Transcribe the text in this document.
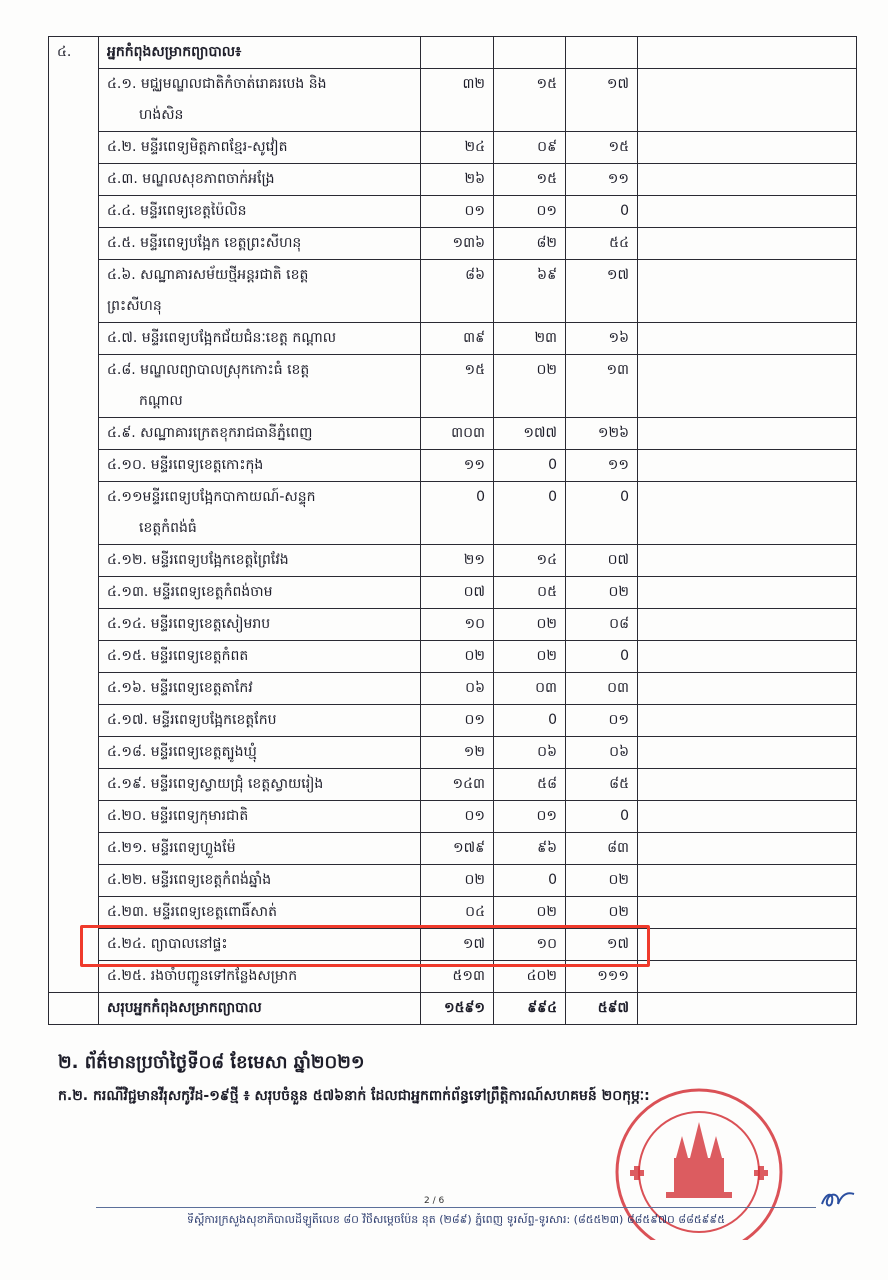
៤.	អ្នកកំពុងសម្រាកព្យាបាល៖				
	៤.១. មជ្ឈមណ្ឌលជាតិកំចាត់រោគរបេង និង
ហង់សិន	៣២	១៥	១៧	
	៤.២. មន្ទីរពេទ្យមិត្តភាពខ្មែរ-សូវៀត	២៤	០៩	១៥	
	៤.៣. មណ្ឌលសុខភាពចាក់អង្រែ	២៦	១៥	១១	
	៤.៤. មន្ទីរពេទ្យខេត្តប៉ៃលិន	០១	០១	0	
	៤.៥. មន្ទីរពេទ្យបង្អែក ខេត្តព្រះសីហនុ	១៣៦	៨២	៥៤	
	៤.៦. សណ្ឋាគារសម័យថ្មីអន្តរជាតិ ខេត្ត
ព្រះសីហនុ	៨៦	៦៩	១៧	
	៤.៧. មន្ទីរពេទ្យបង្អែកជ័យជំនៈខេត្ត កណ្ដាល	៣៩	២៣	១៦	
	៤.៨. មណ្ឌលព្យាបាលស្រុកកោះធំ ខេត្ត
កណ្ដាល	១៥	០២	១៣	
	៤.៩. សណ្ឋាគារក្រេតខុករាជធានីភ្នំពេញ	៣០៣	១៧៧	១២៦	
	៤.១០. មន្ទីរពេទ្យខេត្តកោះកុង	១១	0	១១	
	៤.១១មន្ទីរពេទ្យបង្អែកបាកាយណ៍-សន្ទុក
ខេត្តកំពង់ធំ	0	0	0	
	៤.១២. មន្ទីរពេទ្យបង្អែកខេត្តព្រៃវែង	២១	១៤	០៧	
	៤.១៣. មន្ទីរពេទ្យខេត្តកំពង់ចាម	០៧	០៥	០២	
	៤.១៤. មន្ទីរពេទ្យខេត្តសៀមរាប	១០	០២	០៨	
	៤.១៥. មន្ទីរពេទ្យខេត្តកំពត	០២	០២	0	
	៤.១៦. មន្ទីរពេទ្យខេត្តតាកែវ	០៦	០៣	០៣	
	៤.១៧. មន្ទីរពេទ្យបង្អែកខេត្តកែប	០១	0	០១	
	៤.១៨. មន្ទីរពេទ្យខេត្តត្បូងឃ្មុំ	១២	០៦	០៦	
	៤.១៩. មន្ទីរពេទ្យស្វាយជ្រុំ ខេត្តស្វាយរៀង	១៤៣	៥៨	៨៥	
	៤.២០. មន្ទីរពេទ្យកុមារជាតិ	០១	០១	0	
	៤.២១. មន្ទីរពេទ្យហ្លួងម៉ែ	១៧៩	៩៦	៨៣	
	៤.២២. មន្ទីរពេទ្យខេត្តកំពង់ឆ្នាំង	០២	0	០២	
	៤.២៣. មន្ទីរពេទ្យខេត្តពោធិ៍សាត់	០៤	០២	០២	
	៤.២៤. ព្យាបាលនៅផ្ទះ	១៧	១០	១៧	
	៤.២៥. រងចាំបញ្ជូនទៅកន្លែងសម្រាក	៥១៣	៤០២	១១១	
	សរុបអ្នកកំពុងសម្រាកព្យាបាល	១៥៩១	៩៩៤	៥៩៧	
២. ព័ត៌មានប្រចាំថ្ងៃទី០៨ ខែមេសា ឆ្នាំ២០២១
ក.២. ករណីវិជ្ជមានវីរុសកូវីដ-១៩ថ្មី ៖ សរុបចំនួន ៥៧៦នាក់ ដែលជាអ្នកពាក់ព័ន្ធទៅព្រឹត្តិការណ៍សហគមន៍ ២០កុម្ភៈ:
2 / 6
ទីស្តីការក្រសួងសុខាភិបាលដីឡូតិ៍លេខ ៨០ វិថីសម្តេចប៉ែន នុត (២៨៩) ភ្នំពេញ ទូរស័ព្ទ-ទូរសារ: (៨៥៥២៣) ៨៨៥៩៧០ ៨៨៥៩៩៥
